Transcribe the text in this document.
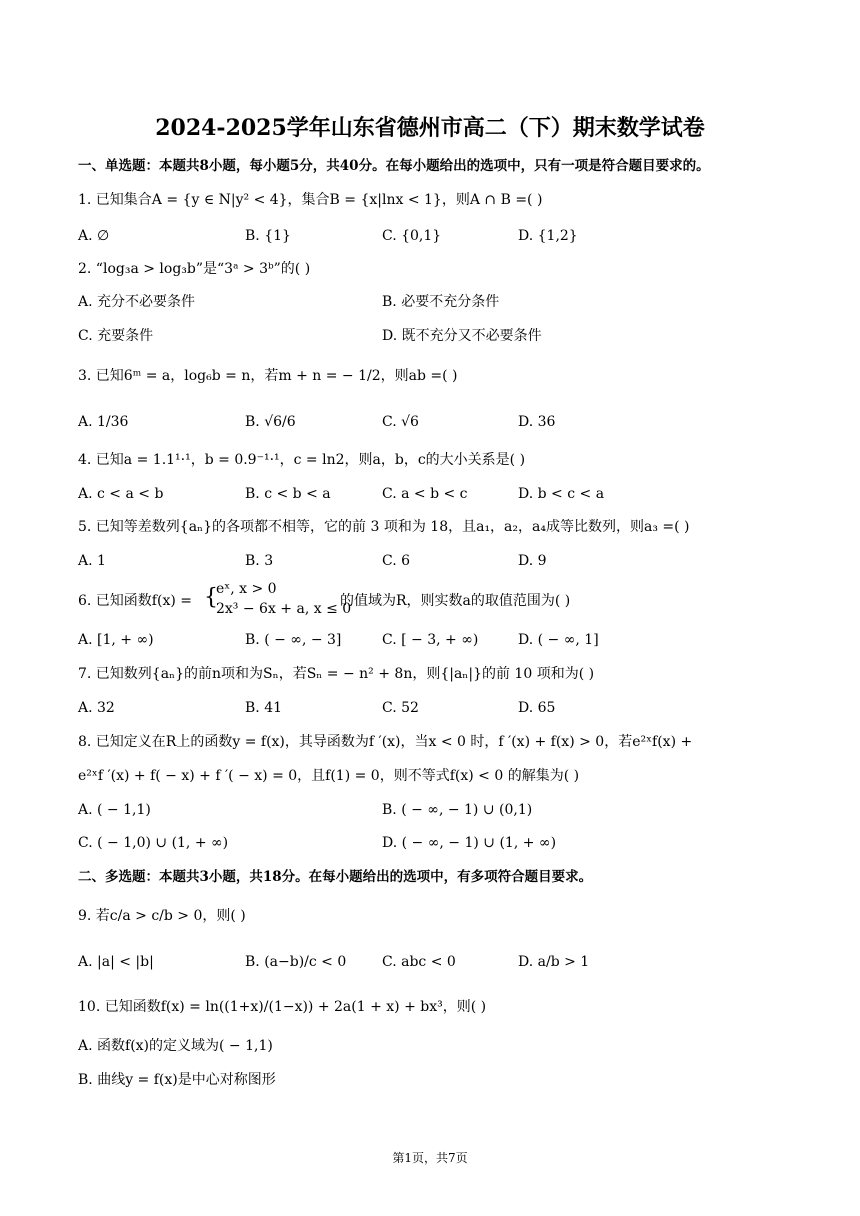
2024-2025学年山东省德州市高二（下）期末数学试卷
一、单选题：本题共8小题，每小题5分，共40分。在每小题给出的选项中，只有一项是符合题目要求的。
1. 已知集合A = {y ∈ N|y² < 4}，集合B = {x|lnx < 1}，则A ∩ B =( )
A. ∅	B. {1}	C. {0,1}	D. {1,2}
2. “log₃a > log₃b”是“3ᵃ > 3ᵇ”的( )
A. 充分不必要条件	B. 必要不充分条件
C. 充要条件	D. 既不充分又不必要条件
3. 已知6ᵐ = a，log₆b = n，若m + n = − 1/2，则ab =( )
A. 1/36	B. √6/6	C. √6	D. 36
4. 已知a = 1.1¹·¹，b = 0.9⁻¹·¹，c = ln2，则a，b，c的大小关系是( )
A. c < a < b	B. c < b < a	C. a < b < c	D. b < c < a
5. 已知等差数列{aₙ}的各项都不相等，它的前 3 项和为 18，且a₁，a₂，a₄成等比数列，则a₃ =( )
A. 1	B. 3	C. 6	D. 9
6. 已知函数f(x) = {
eˣ, x > 0
2x³ − 6x + a, x ≤ 0
的值域为R，则实数a的取值范围为( )
A. [1, + ∞)	B. ( − ∞, − 3]	C. [ − 3, + ∞)	D. ( − ∞, 1]
7. 已知数列{aₙ}的前n项和为Sₙ，若Sₙ = − n² + 8n，则{|aₙ|}的前 10 项和为( )
A. 32	B. 41	C. 52	D. 65
8. 已知定义在R上的函数y = f(x)，其导函数为f ′(x)，当x < 0 时，f ′(x) + f(x) > 0，若e²ˣf(x) +
e²ˣf ′(x) + f( − x) + f ′( − x) = 0，且f(1) = 0，则不等式f(x) < 0 的解集为( )
A. ( − 1,1)	B. ( − ∞, − 1) ∪ (0,1)
C. ( − 1,0) ∪ (1, + ∞)	D. ( − ∞, − 1) ∪ (1, + ∞)
二、多选题：本题共3小题，共18分。在每小题给出的选项中，有多项符合题目要求。
9. 若c/a > c/b > 0，则( )
A. |a| < |b|	B. (a−b)/c < 0	C. abc < 0	D. a/b > 1
10. 已知函数f(x) = ln((1+x)/(1−x)) + 2a(1 + x) + bx³，则( )
A. 函数f(x)的定义域为( − 1,1)
B. 曲线y = f(x)是中心对称图形
第1页，共7页
